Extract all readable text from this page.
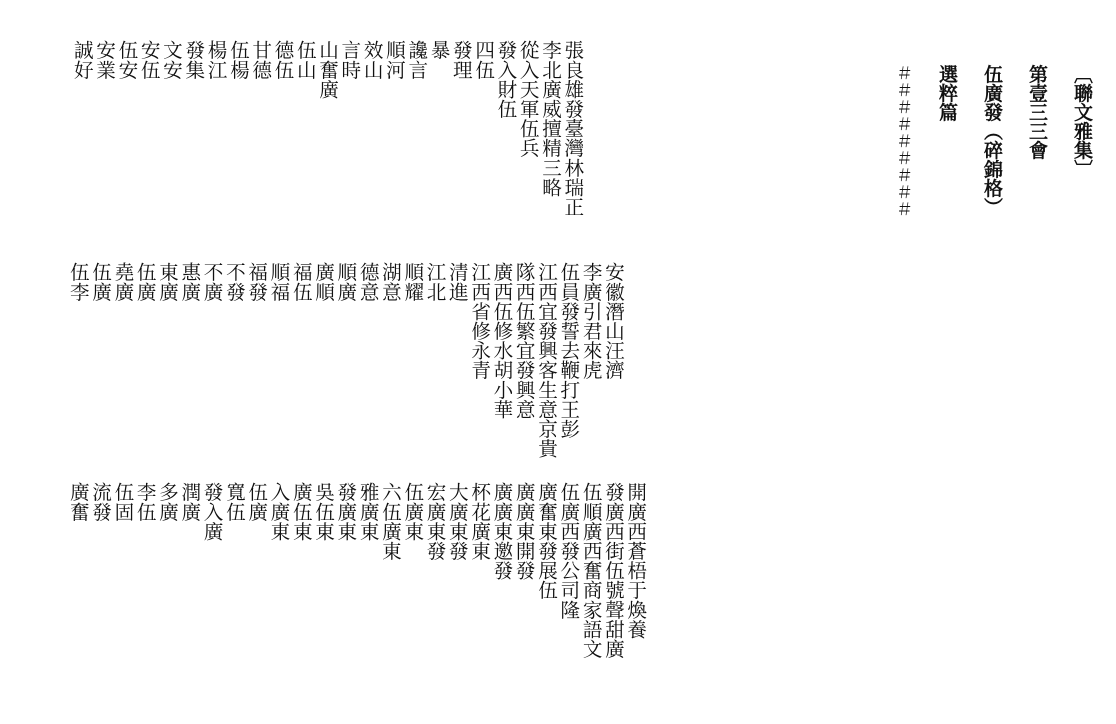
〔聯文雅集〕

第壹三三會

伍廣發（碎錦格）

選粹篇

＃＃＃＃＃＃＃＃＃

張良雄發臺灣林瑞正
李北廣威擅精三略
從入天軍伍兵
發入財伍
四伍
發理
暴
讒言
順河
效山
言時
山奮廣
伍山
德伍
甘德
伍楊
楊江
發集
文安
安伍
伍安
安業
誠好
安徽潛山汪濟
李廣引君來虎
伍員發誓去鞭打王彭
江西宜發興客生意京貴
隊西伍繁宜發興意
廣西伍修水胡小華
江西省修永青
清進
江北
順耀
湖意
德意
順廣
廣順
福伍
順福
福發
不發
不廣
惠廣
東廣
伍廣
堯廣
伍廣
伍李
開廣西蒼梧于煥養
發廣西街伍號聲甜廣
伍順廣西奮商家語文
伍廣西發公司隆
廣奮東發展伍
廣廣東開發
廣廣東邀發
杯花廣東
大廣東發
宏廣東發
伍廣東
六伍廣東
雅廣東
發廣東
吳伍東
廣伍東
入廣東
伍廣
寬伍
發入廣
潤廣
多廣
李伍
伍固
流發
廣奮
